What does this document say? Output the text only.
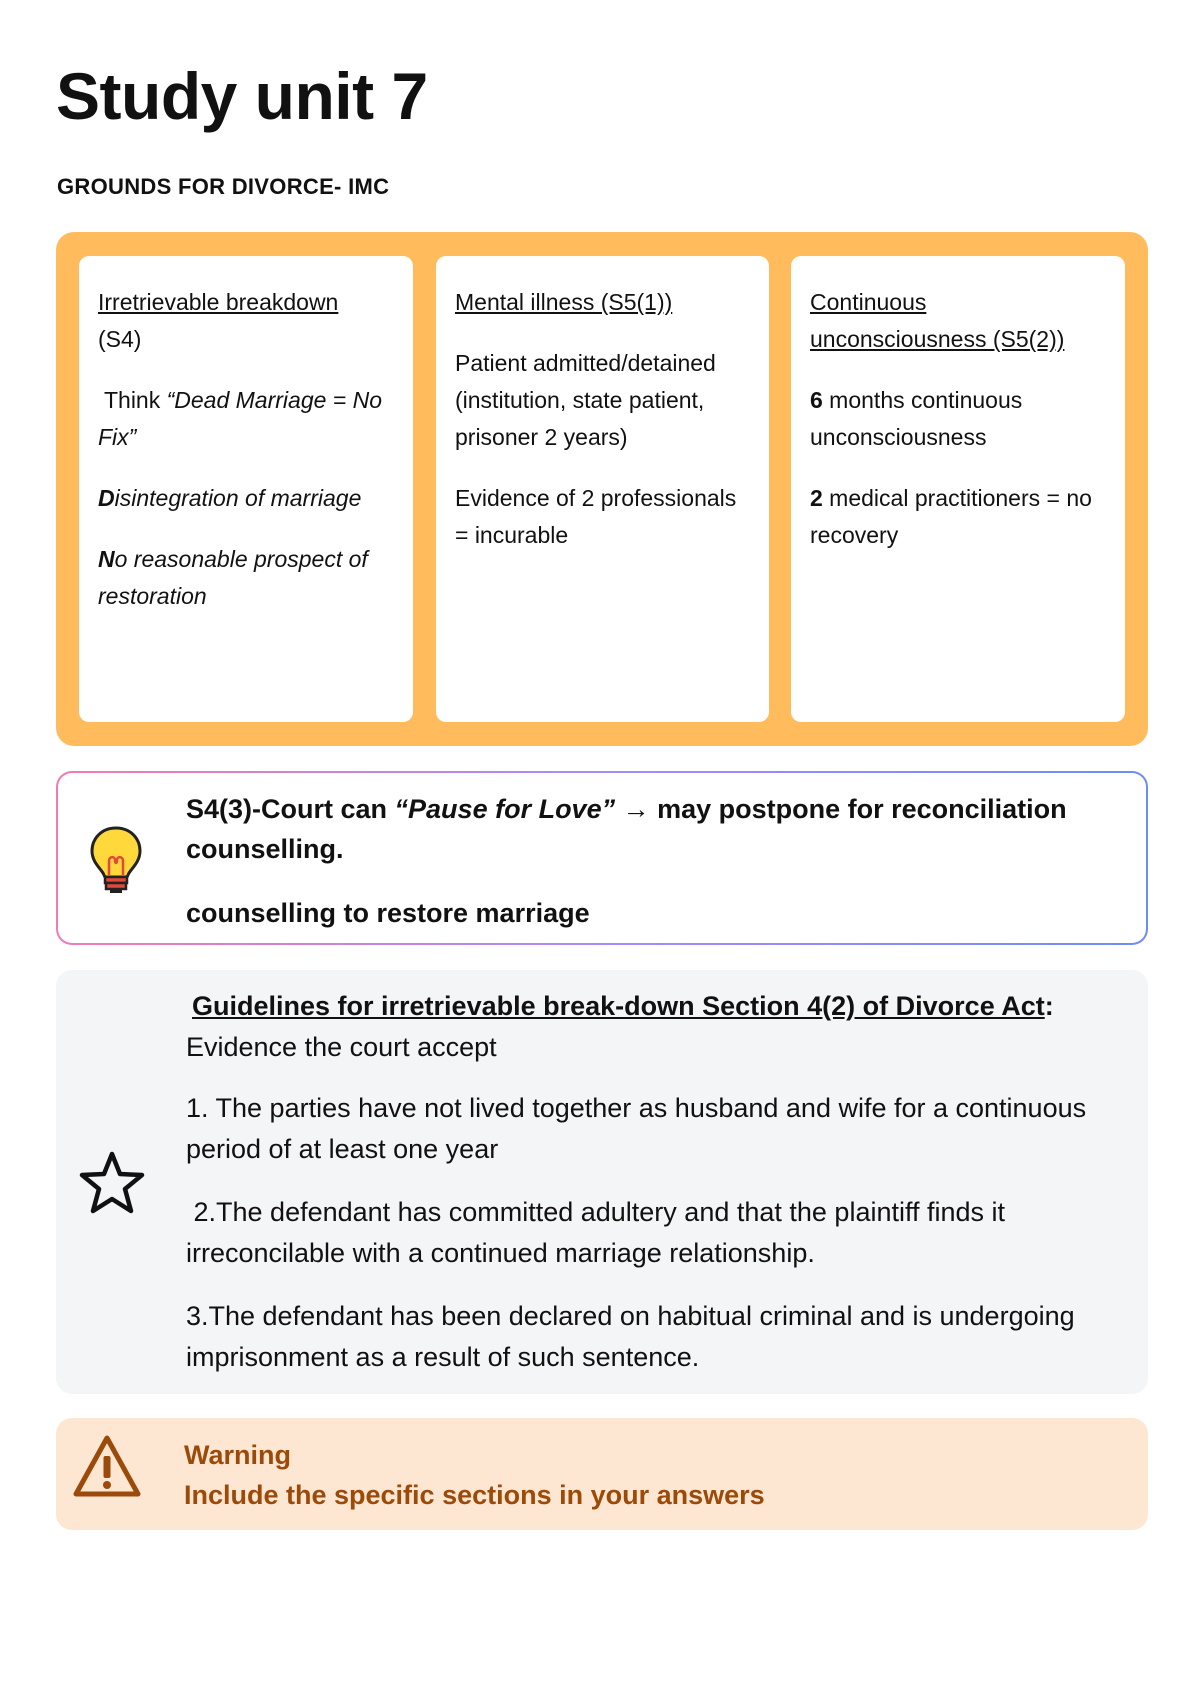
Study unit 7
GROUNDS FOR DIVORCE- IMC

Irretrievable breakdown
(S4)

Think “Dead Marriage = No Fix”

Disintegration of marriage

No reasonable prospect of restoration

Mental illness (S5(1))

Patient admitted/detained (institution, state patient, prisoner 2 years)

Evidence of 2 professionals = incurable

Continuous unconsciousness (S5(2))

6 months continuous unconsciousness

2 medical practitioners = no recovery

S4(3)-Court can “Pause for Love” → may postpone for reconciliation counselling.

counselling to restore marriage

Guidelines for irretrievable break-down Section 4(2) of Divorce Act:
Evidence the court accept

1. The parties have not lived together as husband and wife for a continuous period of at least one year

2.The defendant has committed adultery and that the plaintiff finds it irreconcilable with a continued marriage relationship.

3.The defendant has been declared on habitual criminal and is undergoing imprisonment as a result of such sentence.

Warning
Include the specific sections in your answers
